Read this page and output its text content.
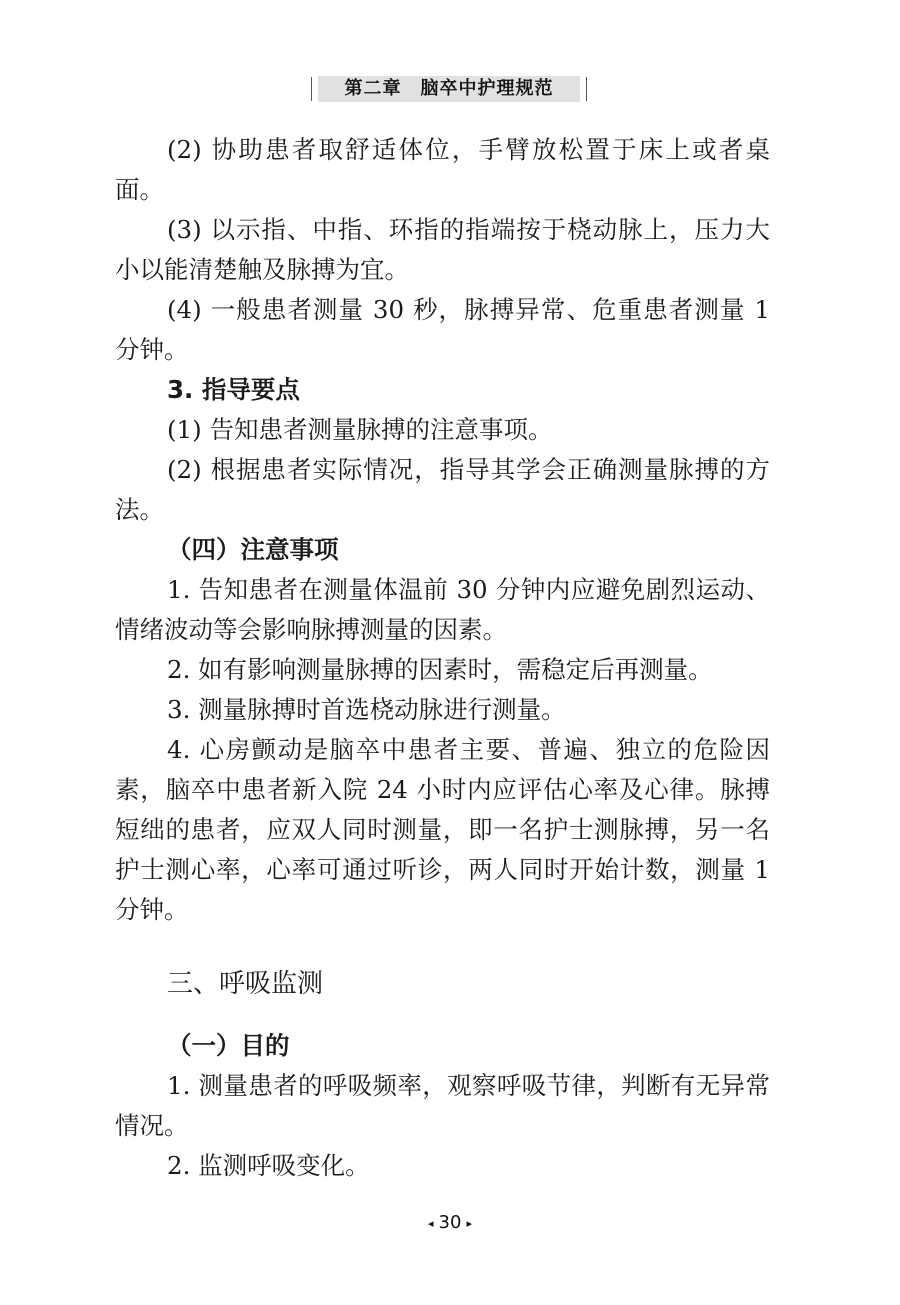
第二章　脑卒中护理规范

(2) 协助患者取舒适体位，手臂放松置于床上或者桌面。

(3) 以示指、中指、环指的指端按于桡动脉上，压力大小以能清楚触及脉搏为宜。

(4) 一般患者测量 30 秒，脉搏异常、危重患者测量 1 分钟。

3. 指导要点

(1) 告知患者测量脉搏的注意事项。

(2) 根据患者实际情况，指导其学会正确测量脉搏的方法。

（四）注意事项

1. 告知患者在测量体温前 30 分钟内应避免剧烈运动、情绪波动等会影响脉搏测量的因素。

2. 如有影响测量脉搏的因素时，需稳定后再测量。

3. 测量脉搏时首选桡动脉进行测量。

4. 心房颤动是脑卒中患者主要、普遍、独立的危险因素，脑卒中患者新入院 24 小时内应评估心率及心律。脉搏短绌的患者，应双人同时测量，即一名护士测脉搏，另一名护士测心率，心率可通过听诊，两人同时开始计数，测量 1 分钟。

三、呼吸监测

（一）目的

1. 测量患者的呼吸频率，观察呼吸节律，判断有无异常情况。

2. 监测呼吸变化。

◂ 30 ▸
